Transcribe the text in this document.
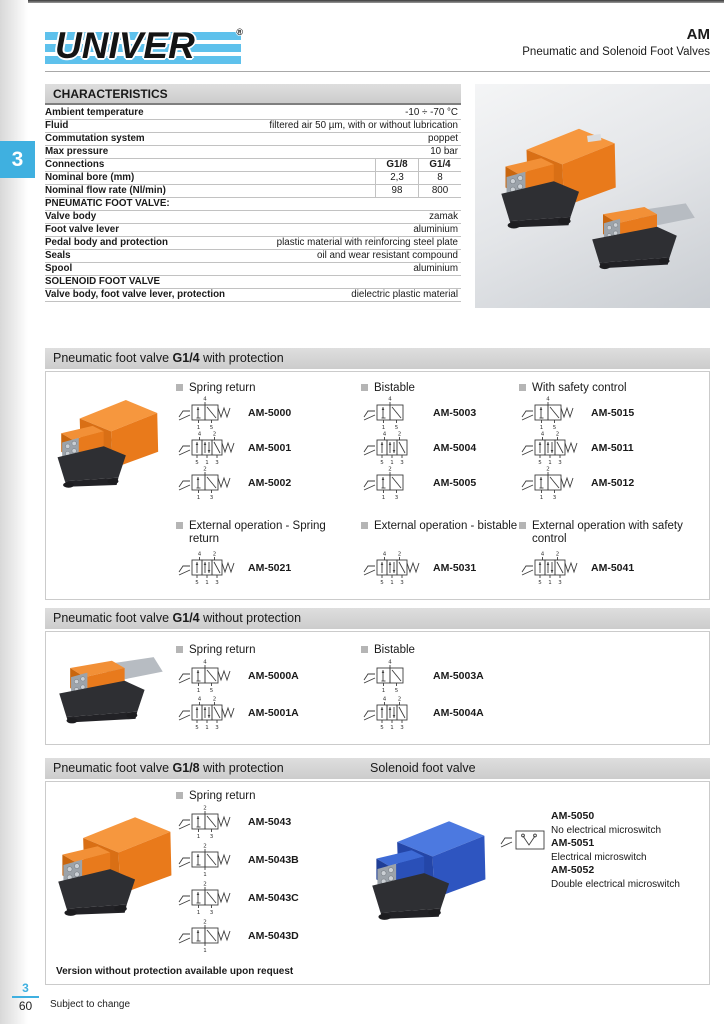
UNIVER	®	AM
Pneumatic and Solenoid Foot Valves
3
CHARACTERISTICS
Ambient temperature	-10 ÷ -70 °C
Fluid	filtered air 50 µm, with or without lubrication
Commutation system	poppet
Max pressure	10 bar
Connections	G1/8	G1/4
Nominal bore (mm)	2,3	8
Nominal flow rate (Nl/min)	98	800
PNEUMATIC FOOT VALVE:
Valve body	zamak
Foot valve lever	aluminium
Pedal body and protection	plastic material with reinforcing steel plate
Seals	oil and wear resistant compound
Spool	aluminium
SOLENOID FOOT VALVE
Valve body, foot valve lever, protection	dielectric plastic material
Pneumatic foot valve G1/4 with protection
Spring return
4
1 5
AM-5000
4 2
5 1 3
AM-5001
2
1 3
AM-5002
Bistable
4
1 5
AM-5003
4 2
5 1 3
AM-5004
2
1 3
AM-5005
With safety control
4
1 5
AM-5015
4 2
5 1 3
AM-5011
2
1 3
AM-5012
External operation - Spring return
4 2
5 1 3
AM-5021
External operation - bistable
4 2
5 1 3
AM-5031
External operation with safety control
4 2
5 1 3
AM-5041
Pneumatic foot valve G1/4 without protection
Spring return
4
1 5
AM-5000A
4 2
5 1 3
AM-5001A
Bistable
4
1 5
AM-5003A
4 2
5 1 3
AM-5004A
Pneumatic foot valve G1/8 with protection	Solenoid foot valve
Spring return
2
1 3
AM-5043
2
1
AM-5043B
2
1 3
AM-5043C
2
1
AM-5043D
AM-5050
No electrical microswitch
AM-5051
Electrical microswitch
AM-5052
Double electrical microswitch
Version without protection available upon request
3
60	Subject to change
